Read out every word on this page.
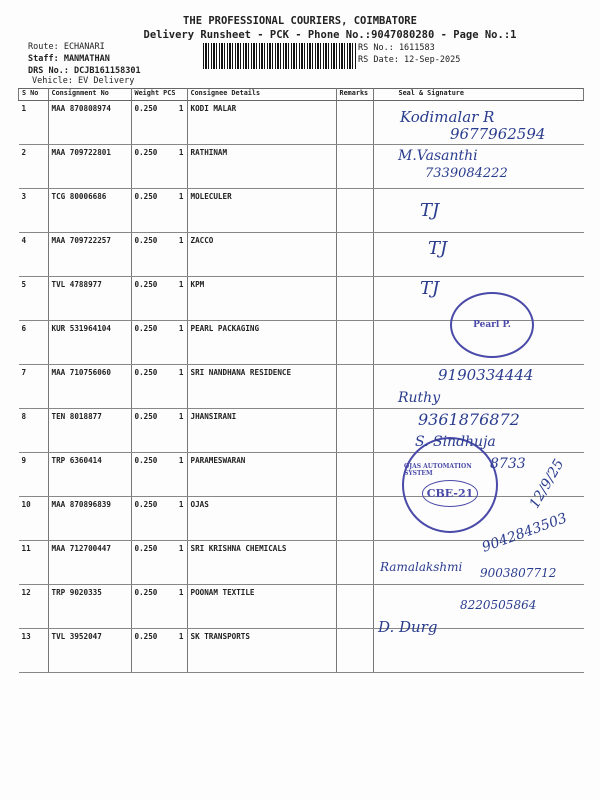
THE PROFESSIONAL COURIERS, COIMBATORE
Delivery Runsheet - PCK - Phone No.:9047080280 - Page No.:1
Route: ECHANARI
Staff: MANMATHAN
DRS No.: DCJB161158301
Vehicle: EV Delivery
RS No.: 1611583
RS Date: 12-Sep-2025
S No	Consignment No	Weight PCS	Consignee Details	Remarks	Seal & Signature
1	MAA 870808974	0.250 1	KODI MALAR		
2	MAA 709722801	0.250 1	RATHINAM		
3	TCG 80006686	0.250 1	MOLECULER		
4	MAA 709722257	0.250 1	ZACCO		
5	TVL 4788977	0.250 1	KPM		
6	KUR 531964104	0.250 1	PEARL PACKAGING		
7	MAA 710756060	0.250 1	SRI NANDHANA RESIDENCE		
8	TEN 8018877	0.250 1	JHANSIRANI		
9	TRP 6360414	0.250 1	PARAMESWARAN		
10	MAA 870896839	0.250 1	OJAS		
11	MAA 712700447	0.250 1	SRI KRISHNA CHEMICALS		
12	TRP 9020335	0.250 1	POONAM TEXTILE		
13	TVL 3952047	0.250 1	SK TRANSPORTS		
Pearl P.
OJAS AUTOMATION SYSTEM
CBE-21
Kodimalar R
9677962594
M.Vasanthi
7339084222
TJ
TJ
TJ
9190334444
Ruthy
9361876872
S. Sindhuja
8733 12/9/25
9042843503
Ramalakshmi 9003807712
8220505864
D. Durg
